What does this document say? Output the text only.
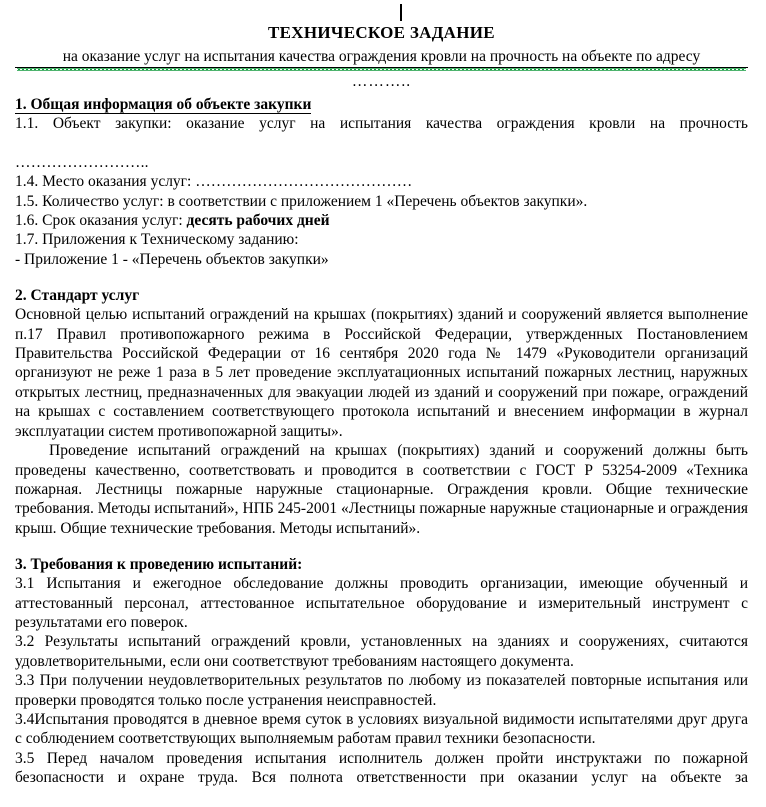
ТЕХНИЧЕСКОЕ ЗАДАНИЕ
на оказание услуг на испытания качества ограждения кровли на прочность на объекте по адресу
………..
1. Общая информация об объекте закупки

1.1. Объект закупки: оказание услуг на испытания качества ограждения кровли на прочность

……………………..

1.4. Место оказания услуг: ……………………………………

1.5. Количество услуг: в соответствии с приложением 1 «Перечень объектов закупки».

1.6. Срок оказания услуг: десять рабочих дней

1.7. Приложения к Техническому заданию:

- Приложение 1 - «Перечень объектов закупки»

2. Стандарт услуг

Основной целью испытаний ограждений на крышах (покрытиях) зданий и сооружений является выполнение п.17 Правил противопожарного режима в Российской Федерации, утвержденных Постановлением Правительства Российской Федерации от 16 сентября 2020 года № 1479 «Руководители организаций организуют не реже 1 раза в 5 лет проведение эксплуатационных испытаний пожарных лестниц, наружных открытых лестниц, предназначенных для эвакуации людей из зданий и сооружений при пожаре, ограждений на крышах с составлением соответствующего протокола испытаний и внесением информации в журнал эксплуатации систем противопожарной защиты».

Проведение испытаний ограждений на крышах (покрытиях) зданий и сооружений должны быть проведены качественно, соответствовать и проводится в соответствии с ГОСТ Р 53254-2009 «Техника пожарная. Лестницы пожарные наружные стационарные. Ограждения кровли. Общие технические требования. Методы испытаний», НПБ 245-2001 «Лестницы пожарные наружные стационарные и ограждения крыш. Общие технические требования. Методы испытаний».

3. Требования к проведению испытаний:

3.1 Испытания и ежегодное обследование должны проводить организации, имеющие обученный и аттестованный персонал, аттестованное испытательное оборудование и измерительный инструмент с результатами его поверок.

3.2 Результаты испытаний ограждений кровли, установленных на зданиях и сооружениях, считаются удовлетворительными, если они соответствуют требованиям настоящего документа.

3.3 При получении неудовлетворительных результатов по любому из показателей повторные испытания или проверки проводятся только после устранения неисправностей.

3.4Испытания проводятся в дневное время суток в условиях визуальной видимости испытателями друг друга с соблюдением соответствующих выполняемым работам правил техники безопасности.

3.5 Перед началом проведения испытания исполнитель должен пройти инструктажи по пожарной безопасности и охране труда. Вся полнота ответственности при оказании услуг на объекте за
